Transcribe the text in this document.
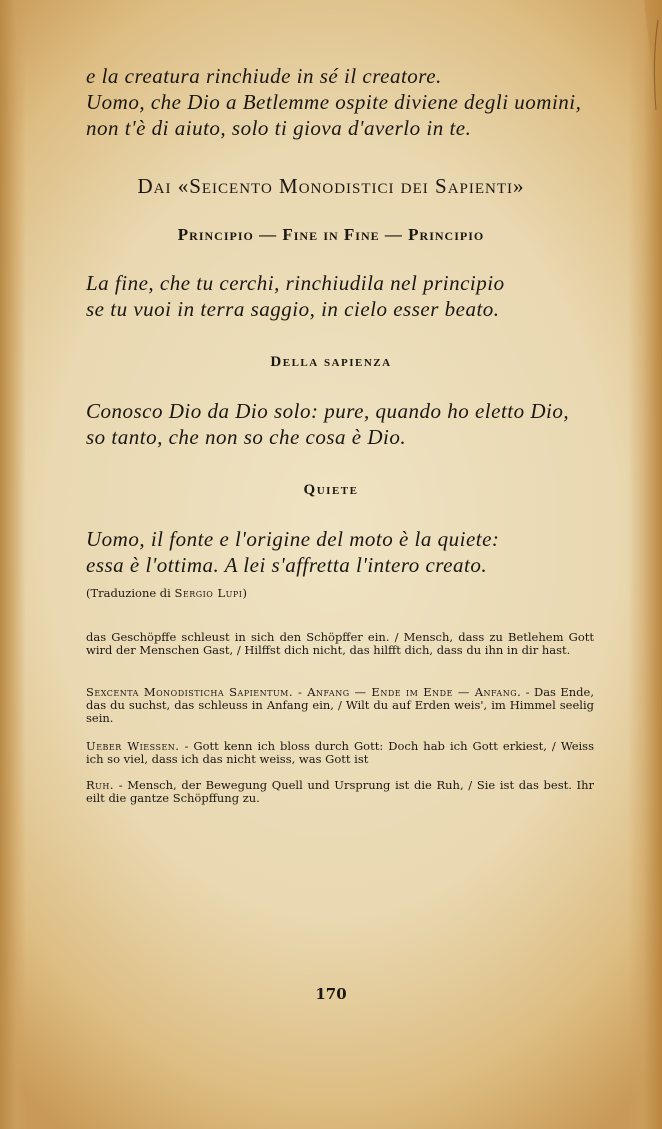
e la creatura rinchiude in sé il creatore.

Uomo, che Dio a Betlemme ospite diviene degli uomini,

non t'è di aiuto, solo ti giova d'averlo in te.

Dai «Seicento Monodistici dei Sapienti»

Principio — Fine in Fine — Principio

La fine, che tu cerchi, rinchiudila nel principio

se tu vuoi in terra saggio, in cielo esser beato.

Della sapienza

Conosco Dio da Dio solo: pure, quando ho eletto Dio,

so tanto, che non so che cosa è Dio.

Quiete

Uomo, il fonte e l'origine del moto è la quiete:

essa è l'ottima. A lei s'affretta l'intero creato.

(Traduzione di Sergio Lupi)

das Geschöpffe schleust in sich den Schöpffer ein. / Mensch, dass zu Betlehem Gott wird der Menschen Gast, / Hilffst dich nicht, das hilfft dich, dass du ihn in dir hast.

Sexcenta Monodisticha Sapientum. - Anfang — Ende im Ende — Anfang. - Das Ende, das du suchst, das schleuss in Anfang ein, / Wilt du auf Erden weis', im Himmel seelig sein.

Ueber Wiessen. - Gott kenn ich bloss durch Gott: Doch hab ich Gott erkiest, / Weiss ich so viel, dass ich das nicht weiss, was Gott ist

Ruh. - Mensch, der Bewegung Quell und Ursprung ist die Ruh, / Sie ist das best. Ihr eilt die gantze Schöpffung zu.

170
